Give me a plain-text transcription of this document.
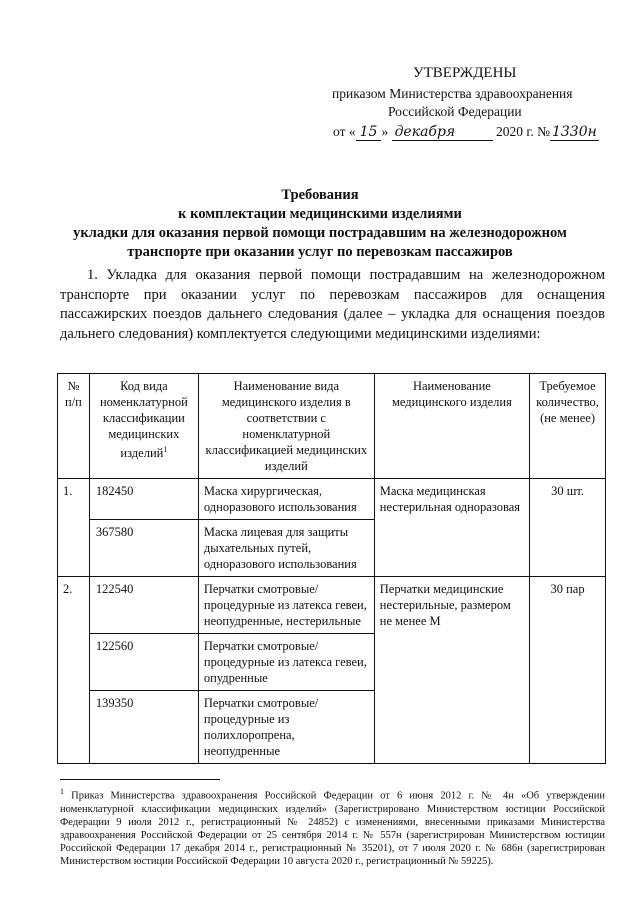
УТВЕРЖДЕНЫ
приказом Министерства здравоохранения
Российской Федерации
от « 15 » декабря	2020 г. № 1330н
Требования
к комплектации медицинскими изделиями
укладки для оказания первой помощи пострадавшим на железнодорожном
транспорте при оказании услуг по перевозкам пассажиров
1. Укладка для оказания первой помощи пострадавшим на железнодорожном транспорте при оказании услуг по перевозкам пассажиров для оснащения пассажирских поездов дальнего следования (далее – укладка для оснащения поездов дальнего следования) комплектуется следующими медицинскими изделиями:
№ п/п	Код вида номенклатурной классификации медицинских изделий$^1$	Наименование вида медицинского изделия в соответствии с номенклатурной классификацией медицинских изделий	Наименование медицинского изделия	Требуемое количество, (не менее)
1.	182450	Маска хирургическая, одноразового использования	Маска медицинская нестерильная одноразовая	30 шт.
	367580	Маска лицевая для защиты дыхательных путей, одноразового использования		
2.	122540	Перчатки смотровые/процедурные из латекса гевеи, неопудренные, нестерильные	Перчатки медицинские нестерильные, размером не менее М	30 пар
	122560	Перчатки смотровые/процедурные из латекса гевеи, опудренные		
	139350	Перчатки смотровые/процедурные из полихлоропрена, неопудренные		
$^1$ Приказ Министерства здравоохранения Российской Федерации от 6 июня 2012 г. № 4н «Об утверждении номенклатурной классификации медицинских изделий» (Зарегистрировано Министерством юстиции Российской Федерации 9 июля 2012 г., регистрационный № 24852) с изменениями, внесенными приказами Министерства здравоохранения Российской Федерации от 25 сентября 2014 г. № 557н (зарегистрирован Министерством юстиции Российской Федерации 17 декабря 2014 г., регистрационный № 35201), от 7 июля 2020 г. № 686н (зарегистрирован Министерством юстиции Российской Федерации 10 августа 2020 г., регистрационный № 59225).
